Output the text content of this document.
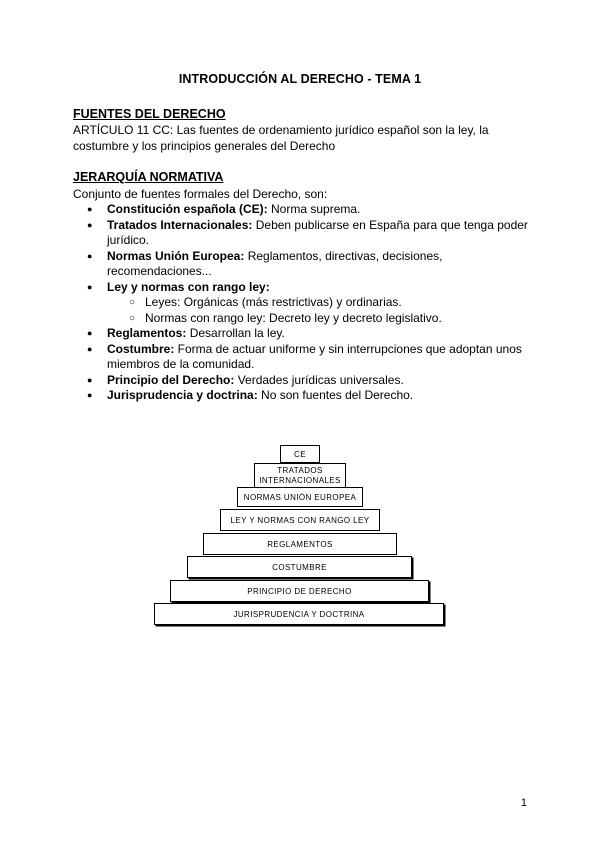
INTRODUCCIÓN AL DERECHO - TEMA 1
FUENTES DEL DERECHO
ARTÍCULO 11 CC: Las fuentes de ordenamiento jurídico español son la ley, la
costumbre y los principios generales del Derecho
JERARQUÍA NORMATIVA
Conjunto de fuentes formales del Derecho, son:
● Constitución española (CE): Norma suprema.
● Tratados Internacionales: Deben publicarse en España para que tenga poder jurídico.
● Normas Unión Europea: Reglamentos, directivas, decisiones, recomendaciones...
● Ley y normas con rango ley:
○ Leyes: Orgánicas (más restrictivas) y ordinarias.
○ Normas con rango ley: Decreto ley y decreto legislativo.
● Reglamentos: Desarrollan la ley.
● Costumbre: Forma de actuar uniforme y sin interrupciones que adoptan unos miembros de la comunidad.
● Principio del Derecho: Verdades jurídicas universales.
● Jurisprudencia y doctrina: No son fuentes del Derecho.
CE
TRATADOS INTERNACIONALES
NORMAS UNIÓN EUROPEA
LEY Y NORMAS CON RANGO LEY
REGLAMENTOS
COSTUMBRE
PRINCIPIO DE DERECHO
JURISPRUDENCIA Y DOCTRINA
1
